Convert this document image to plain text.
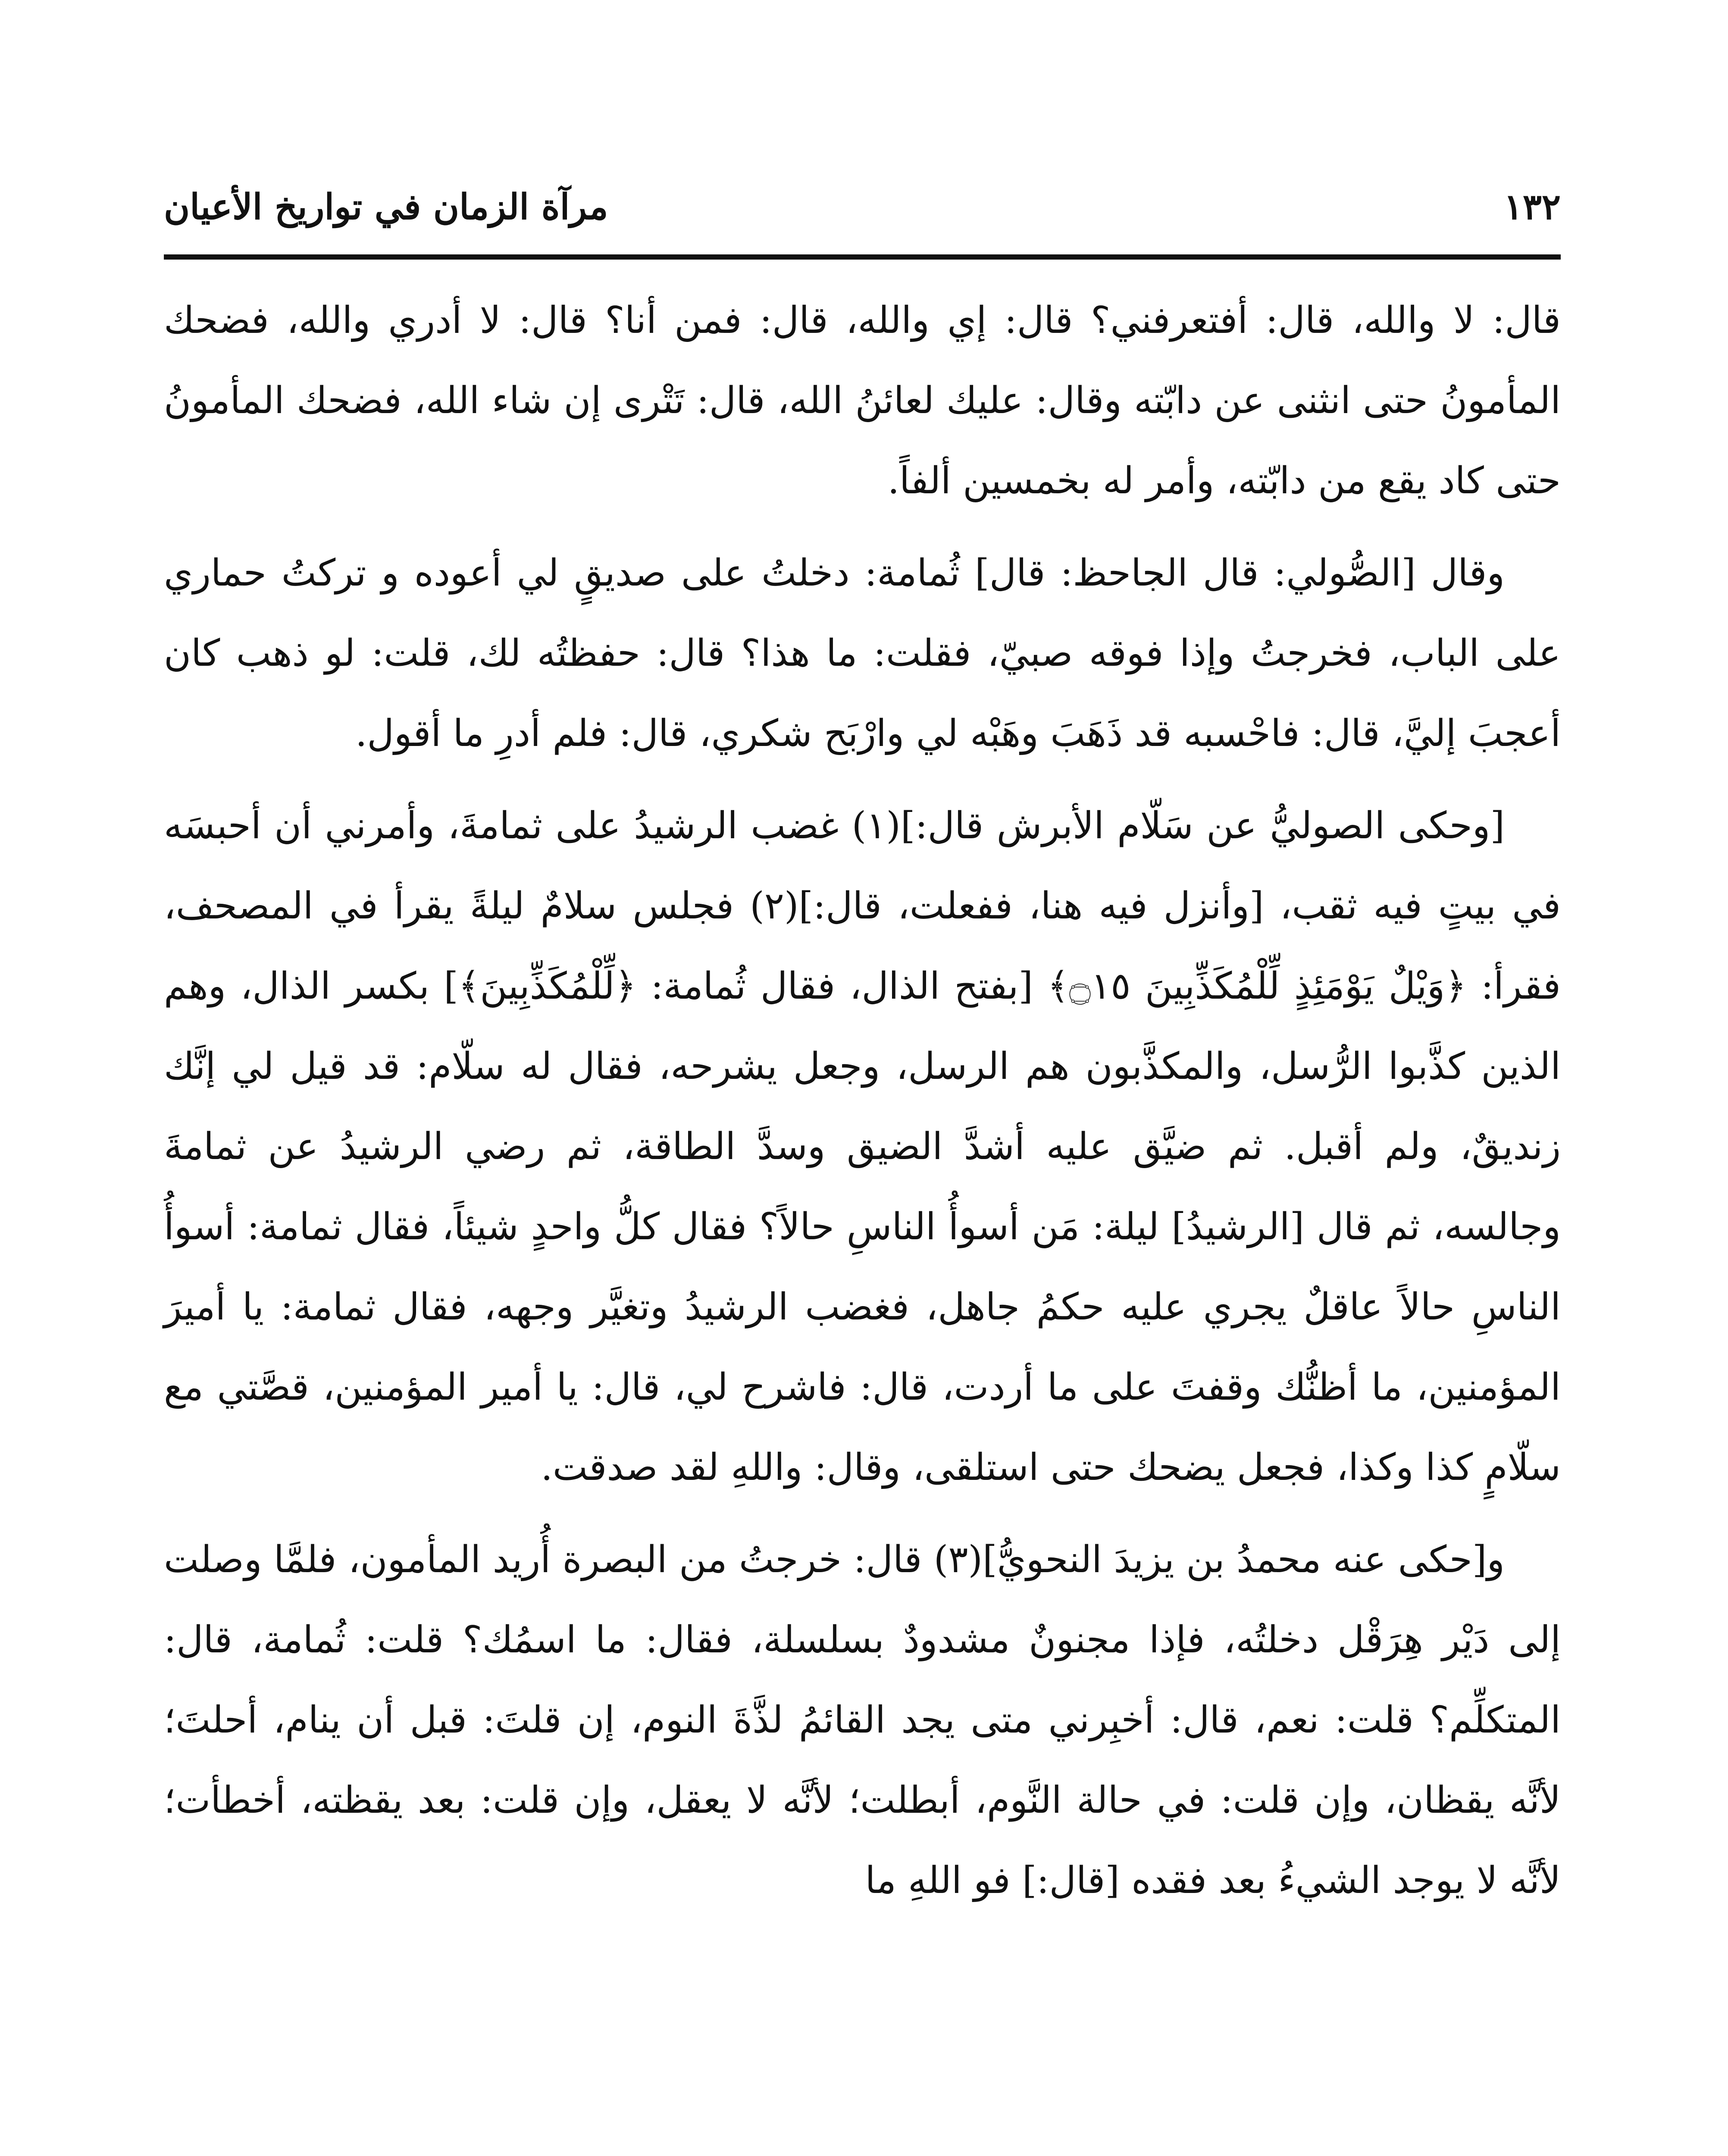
١٣٢
مرآة الزمان في تواريخ الأعيان

قال: لا والله، قال: أفتعرفني؟ قال: إي والله، قال: فمن أنا؟ قال: لا أدري والله، فضحك المأمونُ حتى انثنى عن دابّته وقال: عليك لعائنُ الله، قال: تَتْرى إن شاء الله، فضحك المأمونُ حتى كاد يقع من دابّته، وأمر له بخمسين ألفاً.

وقال [الصُّولي: قال الجاحظ: قال] ثُمامة: دخلتُ على صديقٍ لي أعوده و تركتُ حماري على الباب، فخرجتُ وإذا فوقه صبيّ، فقلت: ما هذا؟ قال: حفظتُه لك، قلت: لو ذهب كان أعجبَ إليَّ، قال: فاحْسبه قد ذَهَبَ وهَبْه لي وارْبَح شكري، قال: فلم أدرِ ما أقول.

[وحكى الصوليُّ عن سَلّام الأبرش قال:](١) غضب الرشيدُ على ثمامةَ، وأمرني أن أحبسَه في بيتٍ فيه ثقب، [وأنزل فيه هنا، ففعلت، قال:](٢) فجلس سلامٌ ليلةً يقرأ في المصحف، فقرأ: ﴿وَيْلٌ يَوْمَئِذٍ لِّلْمُكَذِّبِينَ ۝١٥﴾ [بفتح الذال، فقال ثُمامة: ﴿لِّلْمُكَذِّبِينَ﴾] بكسر الذال، وهم الذين كذَّبوا الرُّسل، والمكذَّبون هم الرسل، وجعل يشرحه، فقال له سلّام: قد قيل لي إنَّك زنديقٌ، ولم أقبل. ثم ضيَّق عليه أشدَّ الضيق وسدَّ الطاقة، ثم رضي الرشيدُ عن ثمامةَ وجالسه، ثم قال [الرشيدُ] ليلة: مَن أسوأُ الناسِ حالاً؟ فقال كلُّ واحدٍ شيئاً، فقال ثمامة: أسوأُ الناسِ حالاً عاقلٌ يجري عليه حكمُ جاهل، فغضب الرشيدُ وتغيَّر وجهه، فقال ثمامة: يا أميرَ المؤمنين، ما أظنُّك وقفتَ على ما أردت، قال: فاشرح لي، قال: يا أمير المؤمنين، قصَّتي مع سلّامٍ كذا وكذا، فجعل يضحك حتى استلقى، وقال: واللهِ لقد صدقت.

و[حكى عنه محمدُ بن يزيدَ النحويُّ](٣) قال: خرجتُ من البصرة أُريد المأمون، فلمَّا وصلت إلى دَيْر هِرَقْل دخلتُه، فإذا مجنونٌ مشدودٌ بسلسلة، فقال: ما اسمُك؟ قلت: ثُمامة، قال: المتكلِّم؟ قلت: نعم، قال: أخبِرني متى يجد القائمُ لذَّةَ النوم، إن قلتَ: قبل أن ينام، أحلتَ؛ لأنَّه يقظان، وإن قلت: في حالة النَّوم، أبطلت؛ لأنَّه لا يعقل، وإن قلت: بعد يقظته، أخطأت؛ لأنَّه لا يوجد الشيءُ بعد فقده [قال:] فو اللهِ ما
